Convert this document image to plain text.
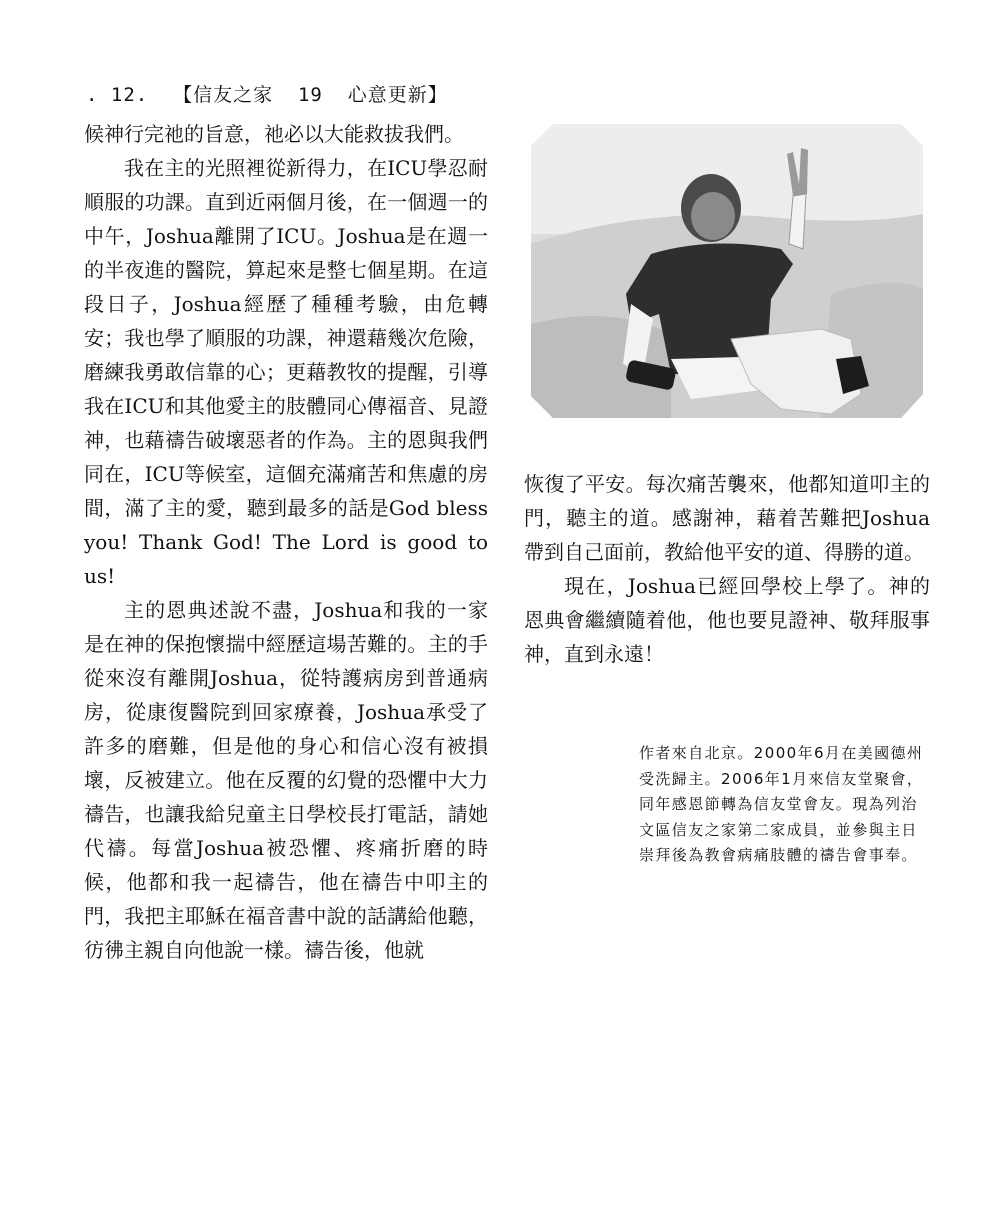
. 12.  【信友之家  19  心意更新】

候神行完祂的旨意，祂必以大能救拔我們。

我在主的光照裡從新得力，在ICU學忍耐順服的功課。直到近兩個月後，在一個週一的中午，Joshua離開了ICU。Joshua是在週一的半夜進的醫院，算起來是整七個星期。在這段日子，Joshua經歷了種種考驗，由危轉安；我也學了順服的功課，神還藉幾次危險，磨練我勇敢信靠的心；更藉教牧的提醒，引導我在ICU和其他愛主的肢體同心傳福音、見證神，也藉禱告破壞惡者的作為。主的恩與我們同在，ICU等候室，這個充滿痛苦和焦慮的房間，滿了主的愛，聽到最多的話是God bless you! Thank God! The Lord is good to us!

主的恩典述說不盡，Joshua和我的一家是在神的保抱懷揣中經歷這場苦難的。主的手從來沒有離開Joshua，從特護病房到普通病房，從康復醫院到回家療養，Joshua承受了許多的磨難，但是他的身心和信心沒有被損壞，反被建立。他在反覆的幻覺的恐懼中大力禱告，也讓我給兒童主日學校長打電話，請她代禱。每當Joshua被恐懼、疼痛折磨的時候，他都和我一起禱告，他在禱告中叩主的門，我把主耶穌在福音書中說的話講給他聽，彷彿主親自向他說一樣。禱告後，他就

恢復了平安。每次痛苦襲來，他都知道叩主的門，聽主的道。感謝神，藉着苦難把Joshua帶到自己面前，教給他平安的道、得勝的道。

現在，Joshua已經回學校上學了。神的恩典會繼續隨着他，他也要見證神、敬拜服事神，直到永遠！

作者來自北京。2000年6月在美國德州受洗歸主。2006年1月來信友堂聚會，同年感恩節轉為信友堂會友。現為列治文區信友之家第二家成員，並參與主日崇拜後為教會病痛肢體的禱告會事奉。
